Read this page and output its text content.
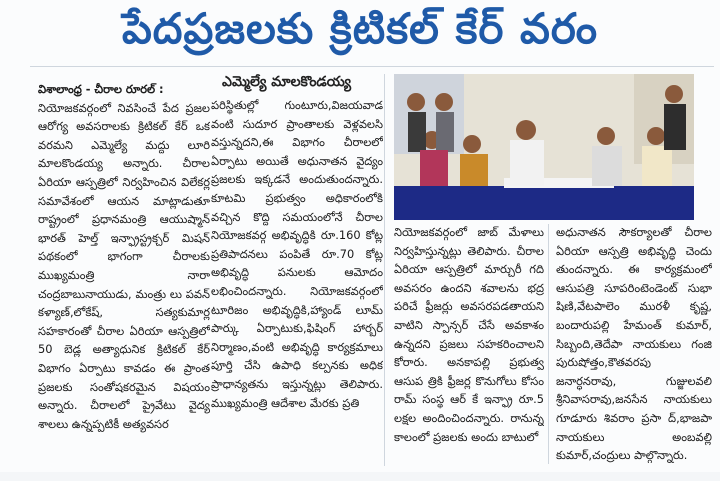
పేదప్రజలకు క్రిటికల్ కేర్ వరం

విశాలాంధ్ర - చీరాల రూరల్ :

నియోజకవర్గంలో నివసించే పేద ప్రజల ఆరోగ్య అవసరాలకు క్రిటికల్ కేర్ ఒక వరమని ఎమ్మెల్యే మద్దు లూరి మాలకొండయ్య అన్నారు. చీరాల ఏరియా ఆస్పత్రిలో నిర్వహించిన విలేకర్ల సమావేశంలో ఆయన మాట్లాడుతూ రాష్ట్రంలో ప్రధానమంత్రి ఆయుష్మాన్ భారత్ హెల్త్ ఇన్ఫ్రాస్ట్రక్చర్ మిషన్ పథకంలో భాగంగా చీరాలకు ముఖ్యమంత్రి నారా చంద్రబాబునాయుడు, మంత్రు లు పవన్ కళ్యాణ్,లోకేష్, సత్యకుమార్ల సహకారంతో చీరాల ఏరియా ఆస్పత్రిలో 50 బెడ్ల అత్యాధునిక క్రిటికల్ కేర్ విభాగం ఏర్పాటు కావడం ఈ ప్రాంత ప్రజలకు సంతోషకరమైన విషయం అన్నారు. చీరాలలో ప్రైవేటు వైద్య శాలలు ఉన్నప్పటికీ అత్యవసర

ఎమ్మెల్యే మాలకొండయ్య

పరిస్థితుల్లో గుంటూరు,విజయవాడ వంటి సుదూర ప్రాంతాలకు వెళ్లవలసి వస్తున్నదని,ఈ విభాగం చీరాలలో ఏర్పాటు అయితే అధునాతన వైద్యం ప్రజలకు ఇక్కడనే అందుతుందన్నారు. కూటమి ప్రభుత్వం అధికారంలోకి వచ్చిన కొద్ది సమయంలోనే చీరాల నియోజకవర్గ అభివృద్ధికి రూ.160 కోట్ల ప్రతిపాదనలు పంపితే రూ.70 కోట్ల అభివృద్ధి పనులకు ఆమోదం లభించిందన్నారు. నియోజకవర్గంలో టూరిజం అభివృద్ధికి,హ్యాండ్ లూమ్ పార్కు ఏర్పాటుకు,ఫిషింగ్ హార్బర్ నిర్మాణం,వంటి అభివృద్ధి కార్యక్రమాలు పూర్తి చేసి ఉపాధి కల్పనకు అధిక ప్రాధాన్యతను ఇస్తున్నట్లు తెలిపారు. ముఖ్యమంత్రి ఆదేశాల మేరకు ప్రతి

నియోజకవర్గంలో జాబ్ మేళాలు నిర్వహిస్తున్నట్లు తెలిపారు. చీరాల ఏరియా ఆస్పత్రిలో మార్చురీ గది అవసరం ఉందని శవాలను భద్ర పరిచే ఫ్రీజర్లు అవసరపడతాయని వాటిని స్పాన్సర్ చేసే అవకాశం ఉన్నదని ప్రజలు సహకరించాలని కోరారు. అనకాపల్లి ప్రభుత్వ ఆసుప త్రికి ఫ్రీజర్ల కొనుగోలు కోసం రామ్ సంస్థ ఆర్ కే ఇన్ఫ్రా రూ.5 లక్షల అందించిందన్నారు. రానున్న కాలంలో ప్రజలకు అందు బాటులో

అధునాతన సౌకర్యాలతో చీరాల ఏరియా ఆస్పత్రి అభివృద్ధి చెందు తుందన్నారు. ఈ కార్యక్రమంలో ఆసుపత్రి సూపరింటెండెంట్ సుభా షిణి,వేటపాలెం మురళీ కృష్ణ, బందారుపల్లి హేమంత్ కుమార్, సిబ్బంది,తెదేపా నాయకులు గంజి పురుషోత్తం,కౌతవరపు జనార్ధనరావు, గుజ్జులవలి శ్రీనివాసరావు,జనసేన నాయకులు గూడూరు శివరాం ప్రసా ద్,భాజపా నాయకులు అంబవల్లి కుమార్,చంద్రులు పాల్గొన్నారు.
